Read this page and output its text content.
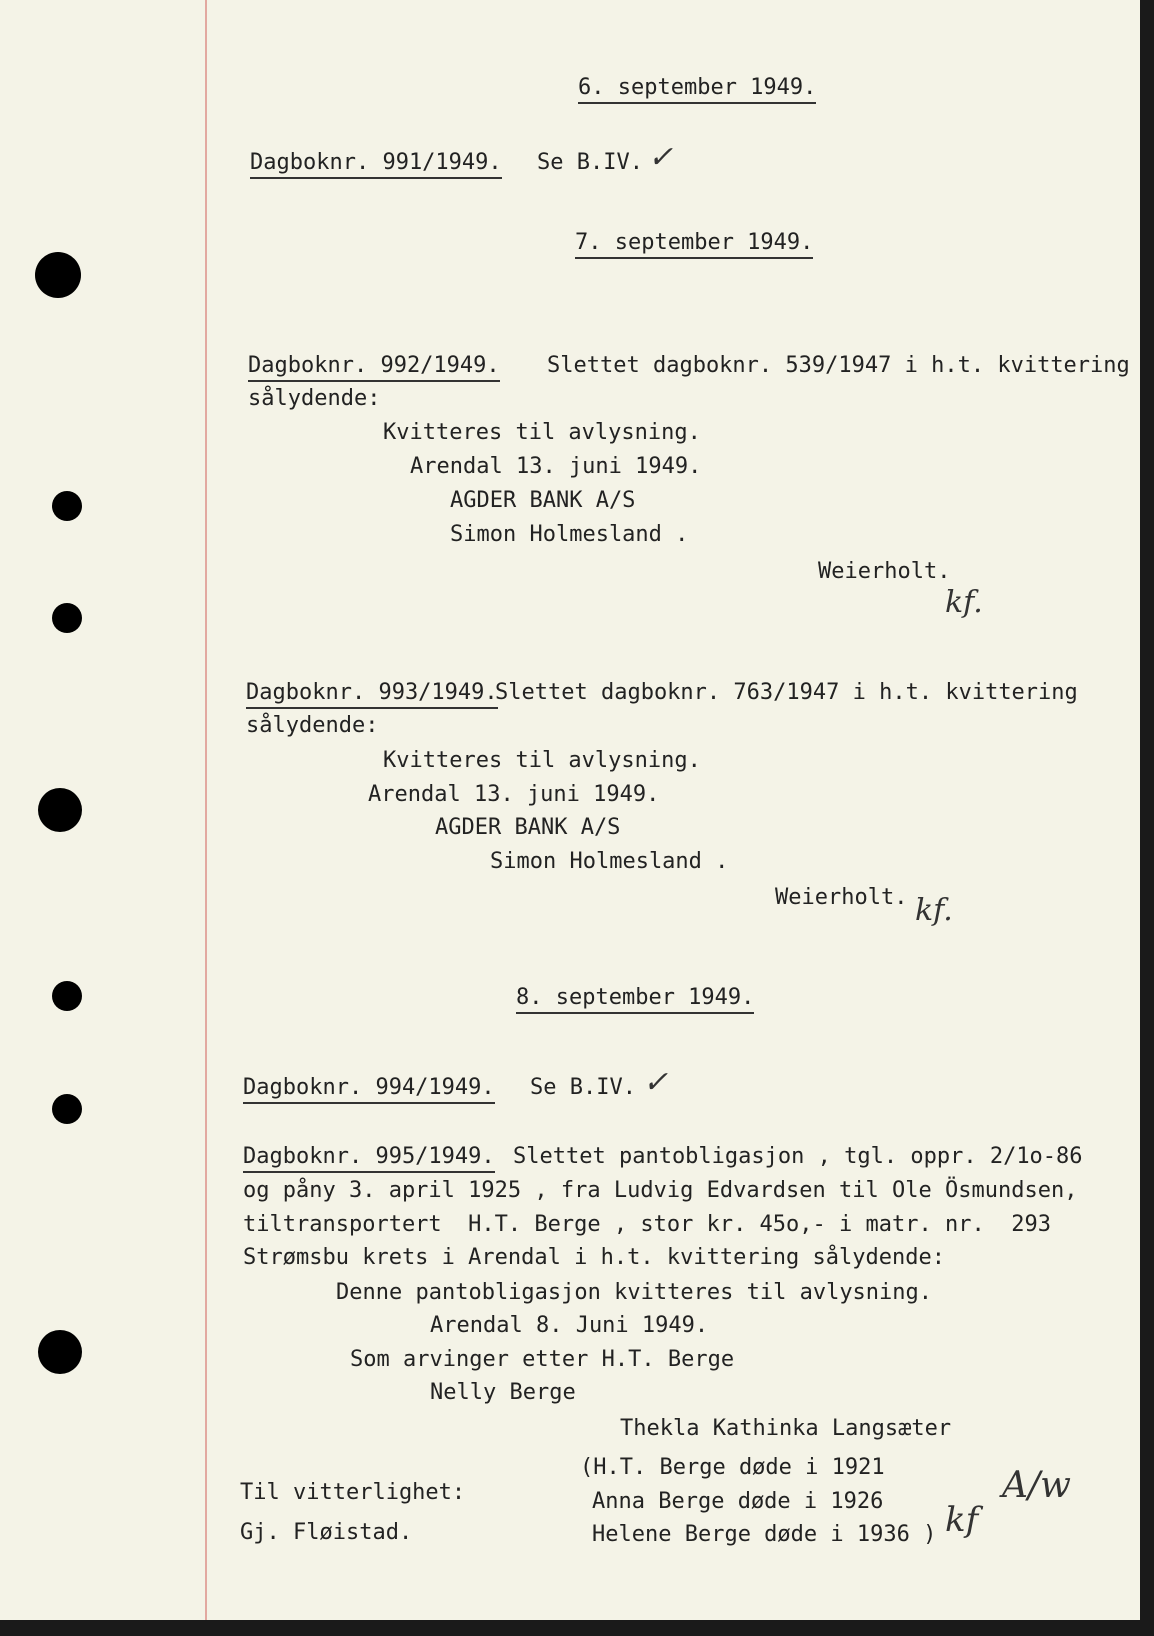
6. september 1949.
Dagboknr. 991/1949. Se B.IV. ✓
7. september 1949.
Dagboknr. 992/1949. Slettet dagboknr. 539/1947 i h.t. kvittering
sålydende:
Kvitteres til avlysning.
Arendal 13. juni 1949.
AGDER BANK A/S
Simon Holmesland .
Weierholt.
kf.
Dagboknr. 993/1949.
Slettet dagboknr. 763/1947 i h.t. kvittering
sålydende:
Kvitteres til avlysning.
Arendal 13. juni 1949.
AGDER BANK A/S
Simon Holmesland .
Weierholt. kf.
8. september 1949.
Dagboknr. 994/1949. Se B.IV. ✓
Dagboknr. 995/1949. Slettet pantobligasjon , tgl. oppr. 2/1o-86
og påny 3. april 1925 , fra Ludvig Edvardsen til Ole Ösmundsen,
tiltransportert  H.T. Berge , stor kr. 45o,- i matr. nr.  293
Strømsbu krets i Arendal i h.t. kvittering sålydende:
Denne pantobligasjon kvitteres til avlysning.
Arendal 8. Juni 1949.
Som arvinger etter H.T. Berge
Nelly Berge
Thekla Kathinka Langsæter
(H.T. Berge døde i 1921
Anna Berge døde i 1926
Helene Berge døde i 1936 )
Til vitterlighet:
Gj. Fløistad.	kf
A/w
